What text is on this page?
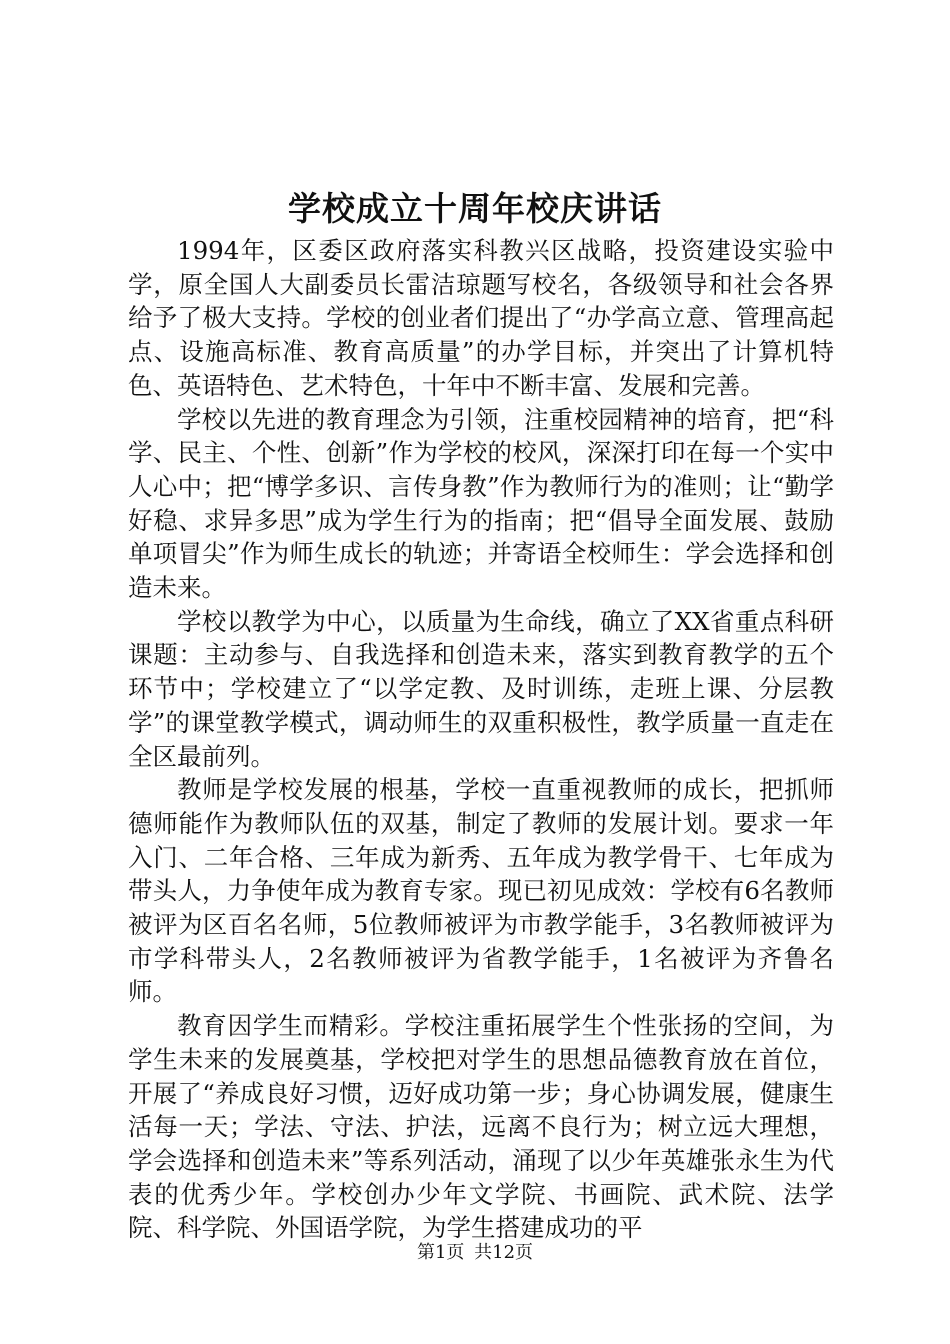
学校成立十周年校庆讲话

1994年，区委区政府落实科教兴区战略，投资建设实验中学，原全国人大副委员长雷洁琼题写校名，各级领导和社会各界给予了极大支持。学校的创业者们提出了“办学高立意、管理高起点、设施高标准、教育高质量”的办学目标，并突出了计算机特色、英语特色、艺术特色，十年中不断丰富、发展和完善。

学校以先进的教育理念为引领，注重校园精神的培育，把“科学、民主、个性、创新”作为学校的校风，深深打印在每一个实中人心中；把“博学多识、言传身教”作为教师行为的准则；让“勤学好稳、求异多思”成为学生行为的指南；把“倡导全面发展、鼓励单项冒尖”作为师生成长的轨迹；并寄语全校师生：学会选择和创造未来。

学校以教学为中心，以质量为生命线，确立了XX省重点科研课题：主动参与、自我选择和创造未来，落实到教育教学的五个环节中；学校建立了“以学定教、及时训练，走班上课、分层教学”的课堂教学模式，调动师生的双重积极性，教学质量一直走在全区最前列。

教师是学校发展的根基，学校一直重视教师的成长，把抓师德师能作为教师队伍的双基，制定了教师的发展计划。要求一年入门、二年合格、三年成为新秀、五年成为教学骨干、七年成为带头人，力争使年成为教育专家。现已初见成效：学校有6名教师被评为区百名名师，5位教师被评为市教学能手，3名教师被评为市学科带头人，2名教师被评为省教学能手，1名被评为齐鲁名师。

教育因学生而精彩。学校注重拓展学生个性张扬的空间，为学生未来的发展奠基，学校把对学生的思想品德教育放在首位，开展了“养成良好习惯，迈好成功第一步；身心协调发展，健康生活每一天；学法、守法、护法，远离不良行为；树立远大理想，学会选择和创造未来”等系列活动，涌现了以少年英雄张永生为代表的优秀少年。学校创办少年文学院、书画院、武术院、法学院、科学院、外国语学院，为学生搭建成功的平

第1页 共12页
